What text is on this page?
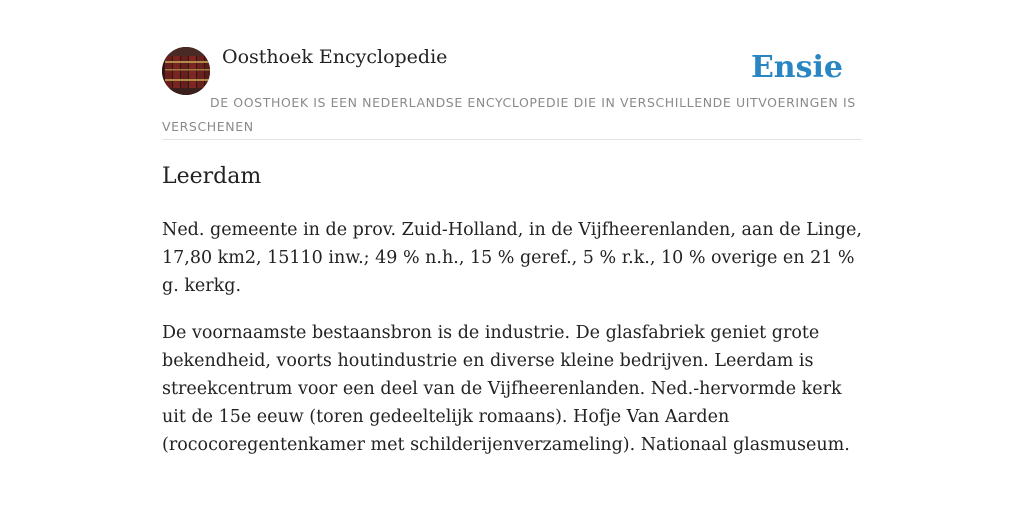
Oosthoek Encyclopedie	Ensie
DE OOSTHOEK IS EEN NEDERLANDSE ENCYCLOPEDIE DIE IN VERSCHILLENDE UITVOERINGEN IS VERSCHENEN
Leerdam

Ned. gemeente in de prov. Zuid-Holland, in de Vijfheerenlanden, aan de Linge, 17,80 km2, 15110 inw.; 49 % n.h., 15 % geref., 5 % r.k., 10 % overige en 21 % g. kerkg.

De voornaamste bestaansbron is de industrie. De glasfabriek geniet grote bekendheid, voorts houtindustrie en diverse kleine bedrijven. Leerdam is streekcentrum voor een deel van de Vijfheerenlanden. Ned.-hervormde kerk uit de 15e eeuw (toren gedeeltelijk romaans). Hofje Van Aarden (rococoregentenkamer met schilderijenverzameling). Nationaal glasmuseum.
